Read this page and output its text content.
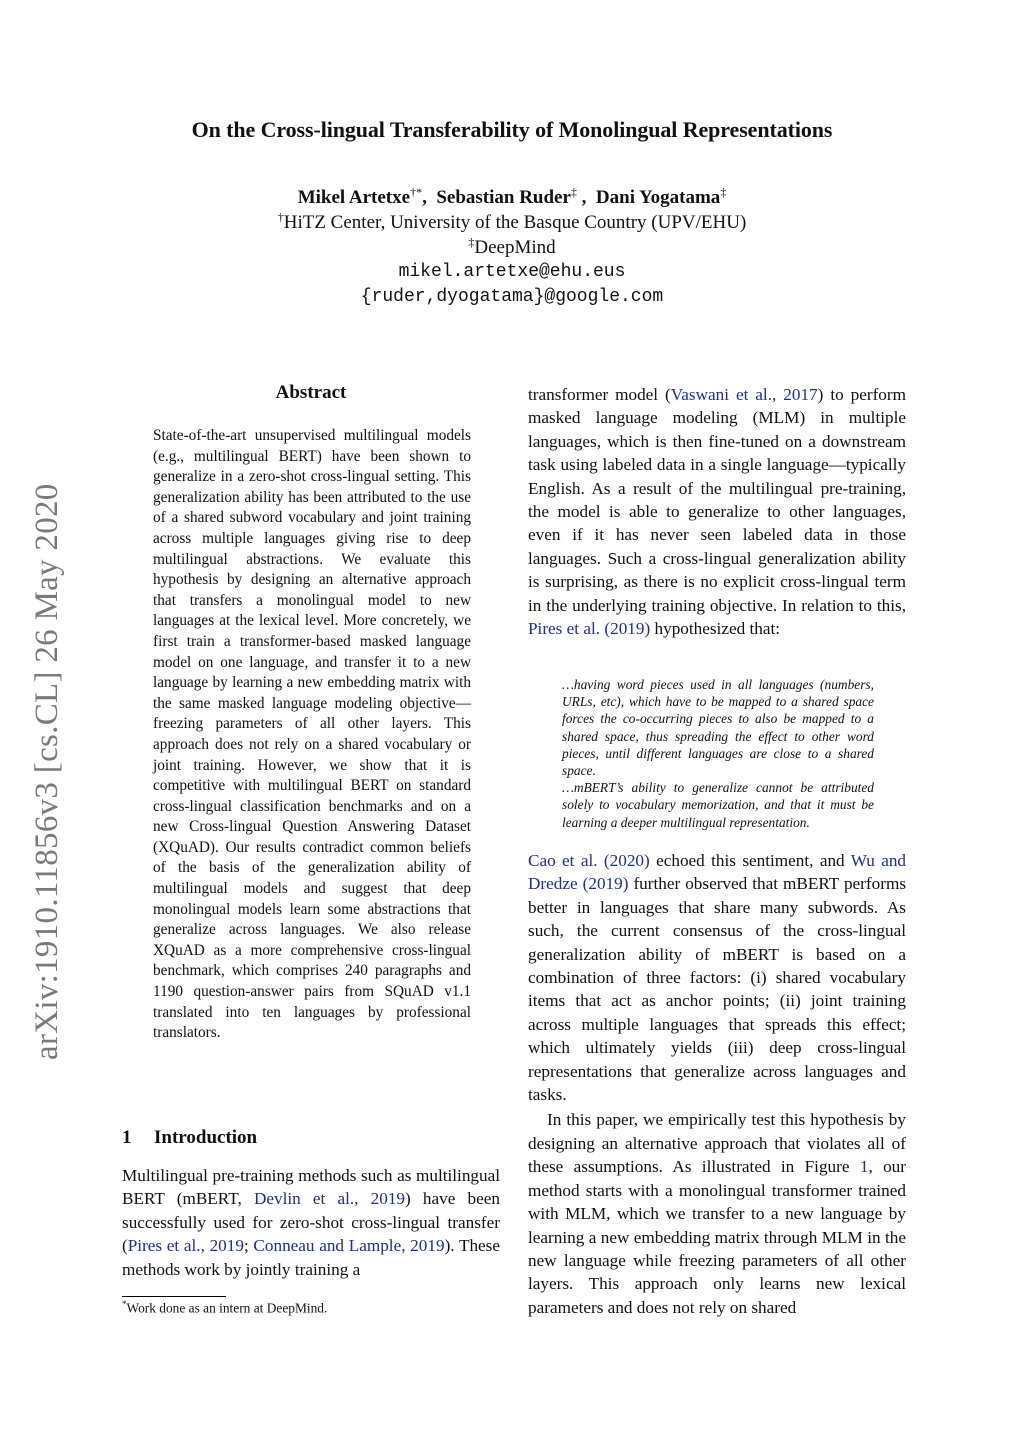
On the Cross-lingual Transferability of Monolingual Representations
Mikel Artetxe†*,  Sebastian Ruder‡ ,  Dani Yogatama‡
†HiTZ Center, University of the Basque Country (UPV/EHU)
‡DeepMind
mikel.artetxe@ehu.eus
{ruder,dyogatama}@google.com
arXiv:1910.11856v3 [cs.CL] 26 May 2020
Abstract
State-of-the-art unsupervised multilingual models (e.g., multilingual BERT) have been shown to generalize in a zero-shot cross-lingual setting. This generalization ability has been attributed to the use of a shared subword vocabulary and joint training across multiple languages giving rise to deep multilingual abstractions. We evaluate this hypothesis by designing an alternative approach that transfers a monolingual model to new languages at the lexical level. More concretely, we first train a transformer-based masked language model on one language, and transfer it to a new language by learning a new embedding matrix with the same masked language modeling objective—freezing parameters of all other layers. This approach does not rely on a shared vocabulary or joint training. However, we show that it is competitive with multilingual BERT on standard cross-lingual classification benchmarks and on a new Cross-lingual Question Answering Dataset (XQuAD). Our results contradict common beliefs of the basis of the generalization ability of multilingual models and suggest that deep monolingual models learn some abstractions that generalize across languages. We also release XQuAD as a more comprehensive cross-lingual benchmark, which comprises 240 paragraphs and 1190 question-answer pairs from SQuAD v1.1 translated into ten languages by professional translators.
1 Introduction
Multilingual pre-training methods such as multilingual BERT (mBERT, Devlin et al., 2019) have been successfully used for zero-shot cross-lingual transfer (Pires et al., 2019; Conneau and Lample, 2019). These methods work by jointly training a
*Work done as an intern at DeepMind.
transformer model (Vaswani et al., 2017) to perform masked language modeling (MLM) in multiple languages, which is then fine-tuned on a downstream task using labeled data in a single language—typically English. As a result of the multilingual pre-training, the model is able to generalize to other languages, even if it has never seen labeled data in those languages. Such a cross-lingual generalization ability is surprising, as there is no explicit cross-lingual term in the underlying training objective. In relation to this, Pires et al. (2019) hypothesized that:

…having word pieces used in all languages (numbers, URLs, etc), which have to be mapped to a shared space forces the co-occurring pieces to also be mapped to a shared space, thus spreading the effect to other word pieces, until different languages are close to a shared space.

…mBERT’s ability to generalize cannot be attributed solely to vocabulary memorization, and that it must be learning a deeper multilingual representation.

Cao et al. (2020) echoed this sentiment, and Wu and Dredze (2019) further observed that mBERT performs better in languages that share many subwords. As such, the current consensus of the cross-lingual generalization ability of mBERT is based on a combination of three factors: (i) shared vocabulary items that act as anchor points; (ii) joint training across multiple languages that spreads this effect; which ultimately yields (iii) deep cross-lingual representations that generalize across languages and tasks.

In this paper, we empirically test this hypothesis by designing an alternative approach that violates all of these assumptions. As illustrated in Figure 1, our method starts with a monolingual transformer trained with MLM, which we transfer to a new language by learning a new embedding matrix through MLM in the new language while freezing parameters of all other layers. This approach only learns new lexical parameters and does not rely on shared
